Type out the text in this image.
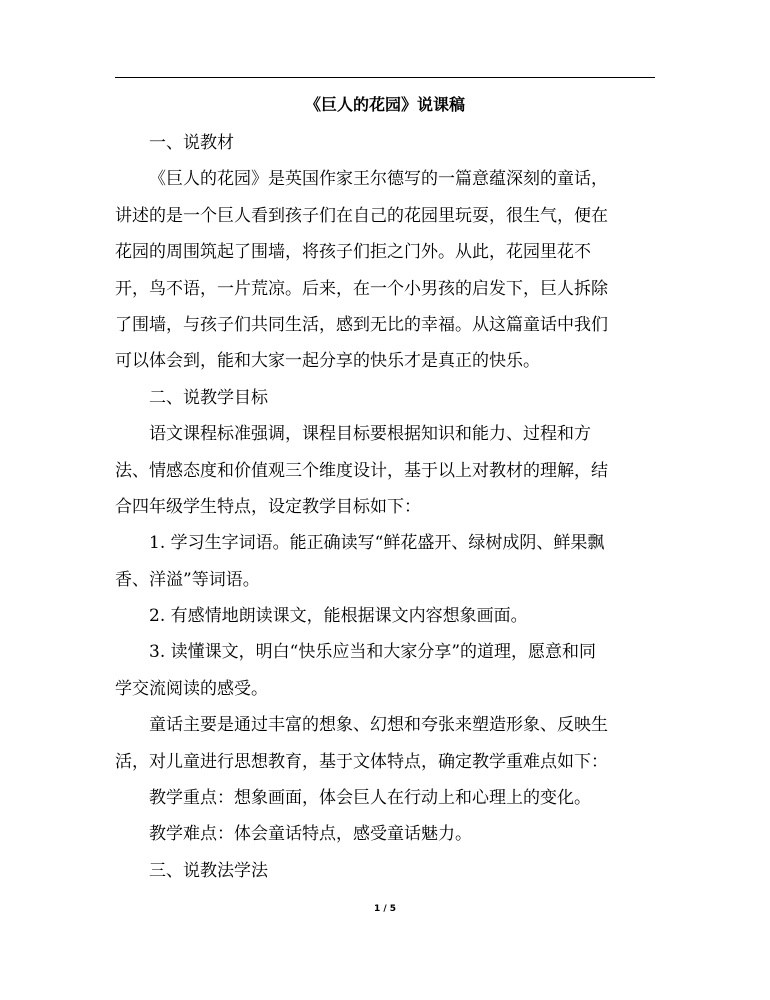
《巨人的花园》说课稿
一、说教材
《巨人的花园》是英国作家王尔德写的一篇意蕴深刻的童话，
讲述的是一个巨人看到孩子们在自己的花园里玩耍，很生气，便在
花园的周围筑起了围墙，将孩子们拒之门外。从此，花园里花不
开，鸟不语，一片荒凉。后来，在一个小男孩的启发下，巨人拆除
了围墙，与孩子们共同生活，感到无比的幸福。从这篇童话中我们
可以体会到，能和大家一起分享的快乐才是真正的快乐。
二、说教学目标
语文课程标准强调，课程目标要根据知识和能力、过程和方
法、情感态度和价值观三个维度设计，基于以上对教材的理解，结
合四年级学生特点，设定教学目标如下：
1. 学习生字词语。能正确读写“鲜花盛开、绿树成阴、鲜果飘
香、洋溢”等词语。
2. 有感情地朗读课文，能根据课文内容想象画面。
3. 读懂课文，明白“快乐应当和大家分享”的道理，愿意和同
学交流阅读的感受。
童话主要是通过丰富的想象、幻想和夸张来塑造形象、反映生
活，对儿童进行思想教育，基于文体特点，确定教学重难点如下：
教学重点：想象画面，体会巨人在行动上和心理上的变化。
教学难点：体会童话特点，感受童话魅力。
三、说教法学法
1 / 5
